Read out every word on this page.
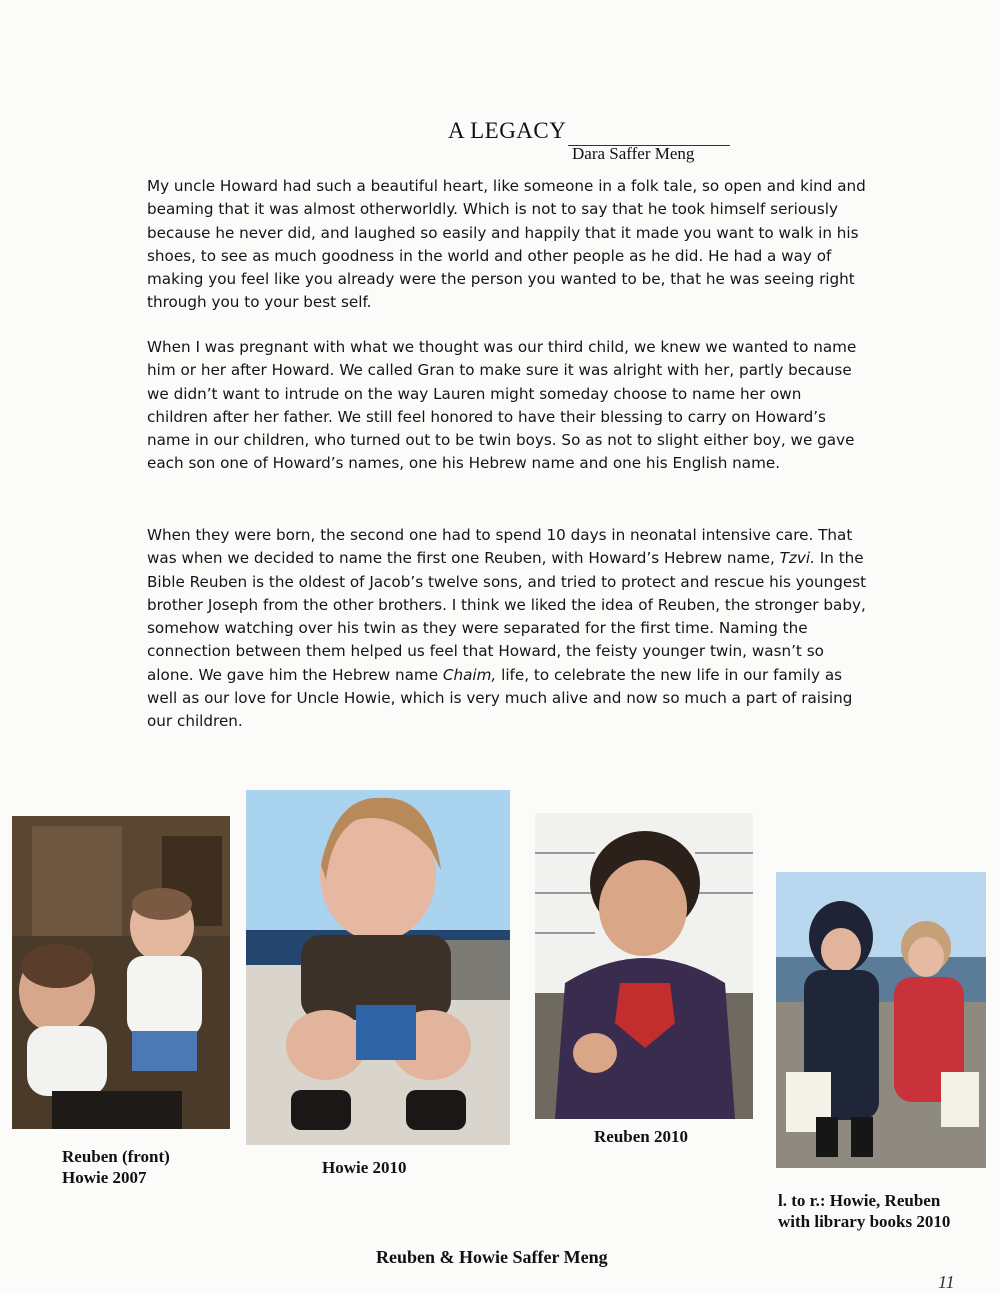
A LEGACY
Dara Saffer Meng
My uncle Howard had such a beautiful heart, like someone in a folk tale, so open and kind and beaming that it was almost otherworldly. Which is not to say that he took himself seriously because he never did, and laughed so easily and happily that it made you want to walk in his shoes, to see as much goodness in the world and other people as he did. He had a way of making you feel like you already were the person you wanted to be, that he was seeing right through you to your best self.
When I was pregnant with what we thought was our third child, we knew we wanted to name him or her after Howard. We called Gran to make sure it was alright with her, partly because we didn’t want to intrude on the way Lauren might someday choose to name her own children after her father. We still feel honored to have their blessing to carry on Howard’s name in our children, who turned out to be twin boys. So as not to slight either boy, we gave each son one of Howard’s names, one his Hebrew name and one his English name.
When they were born, the second one had to spend 10 days in neonatal intensive care. That was when we decided to name the first one Reuben, with Howard’s Hebrew name, Tzvi. In the Bible Reuben is the oldest of Jacob’s twelve sons, and tried to protect and rescue his youngest brother Joseph from the other brothers. I think we liked the idea of Reuben, the stronger baby, somehow watching over his twin as they were separated for the first time. Naming the connection between them helped us feel that Howard, the feisty younger twin, wasn’t so alone. We gave him the Hebrew name Chaim, life, to celebrate the new life in our family as well as our love for Uncle Howie, which is very much alive and now so much a part of raising our children.
Reuben (front)
Howie 2007
Howie 2010
Reuben 2010
l. to r.: Howie, Reuben
with library books 2010
Reuben & Howie Saffer Meng
11
